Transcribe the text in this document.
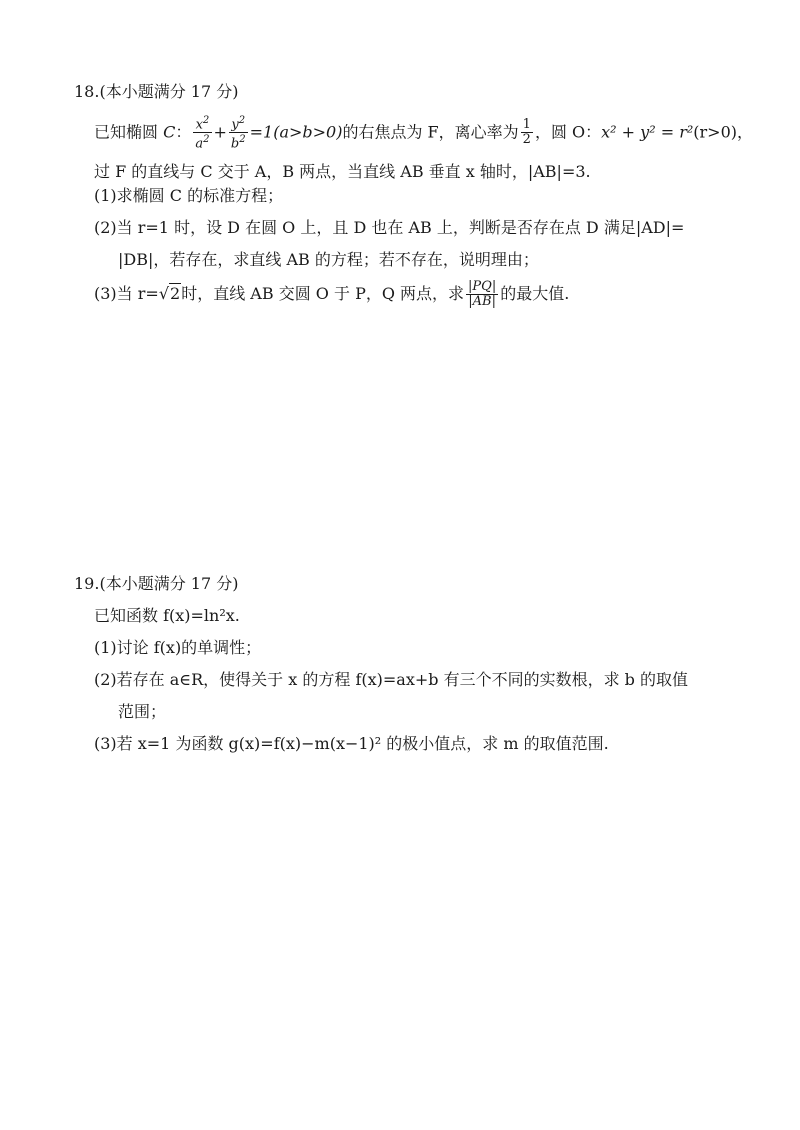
18.(本小题满分 17 分)
已知椭圆 C： $\frac{x^2}{a^2} + \frac{y^2}{b^2} =1(a>b>0)$的右焦点为 F，离心率为 $\frac{1}{2}$ ，圆 O：x² + y² = r²(r>0)，
过 F 的直线与 C 交于 A，B 两点，当直线 AB 垂直 x 轴时，|AB|=3.
(1)求椭圆 C 的标准方程；
(2)当 r=1 时，设 D 在圆 O 上，且 D 也在 AB 上，判断是否存在点 D 满足|AD|=
|DB|，若存在，求直线 AB 的方程；若不存在，说明理由；
(3)当 r=√2时，直线 AB 交圆 O 于 P，Q 两点，求 $\frac{|PQ|}{|AB|}$ 的最大值.
19.(本小题满分 17 分)
已知函数 f(x)=ln²x.
(1)讨论 f(x)的单调性；
(2)若存在 a∈R，使得关于 x 的方程 f(x)=ax+b 有三个不同的实数根，求 b 的取值
范围；
(3)若 x=1 为函数 g(x)=f(x)−m(x−1)² 的极小值点，求 m 的取值范围.
